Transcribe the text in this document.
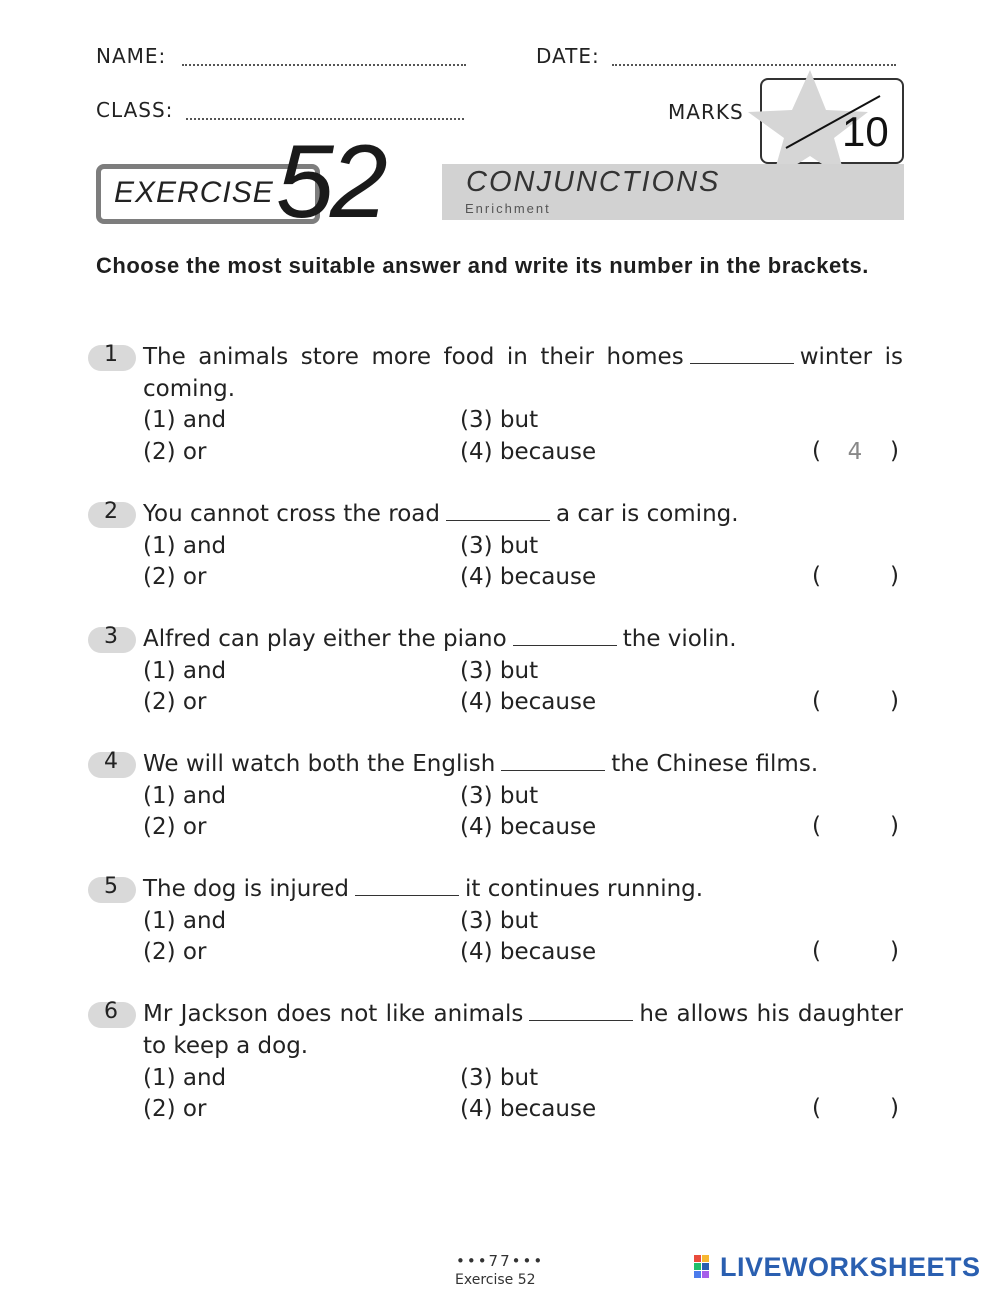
NAME:	DATE:
CLASS:	MARKS 10
EXERCISE 52	CONJUNCTIONS
Enrichment
Choose the most suitable answer and write its number in the brackets.
1 The animals store more food in their homes	winter is coming.
(1) and
(2) or
(3) but
(4) because	(	4	)
2 You cannot cross the road	a car is coming.
(1) and
(2) or
(3) but
(4) because	(	)
3 Alfred can play either the piano	the violin.
(1) and
(2) or
(3) but
(4) because	(	)
4 We will watch both the English	the Chinese films.
(1) and
(2) or
(3) but
(4) because	(	)
5 The dog is injured	it continues running.
(1) and
(2) or
(3) but
(4) because	(	)
6 Mr Jackson does not like animals	he allows his daughter to keep a dog.
(1) and
(2) or
(3) but
(4) because	(	)
•••77•••
Exercise 52	LIVEWORKSHEETS
